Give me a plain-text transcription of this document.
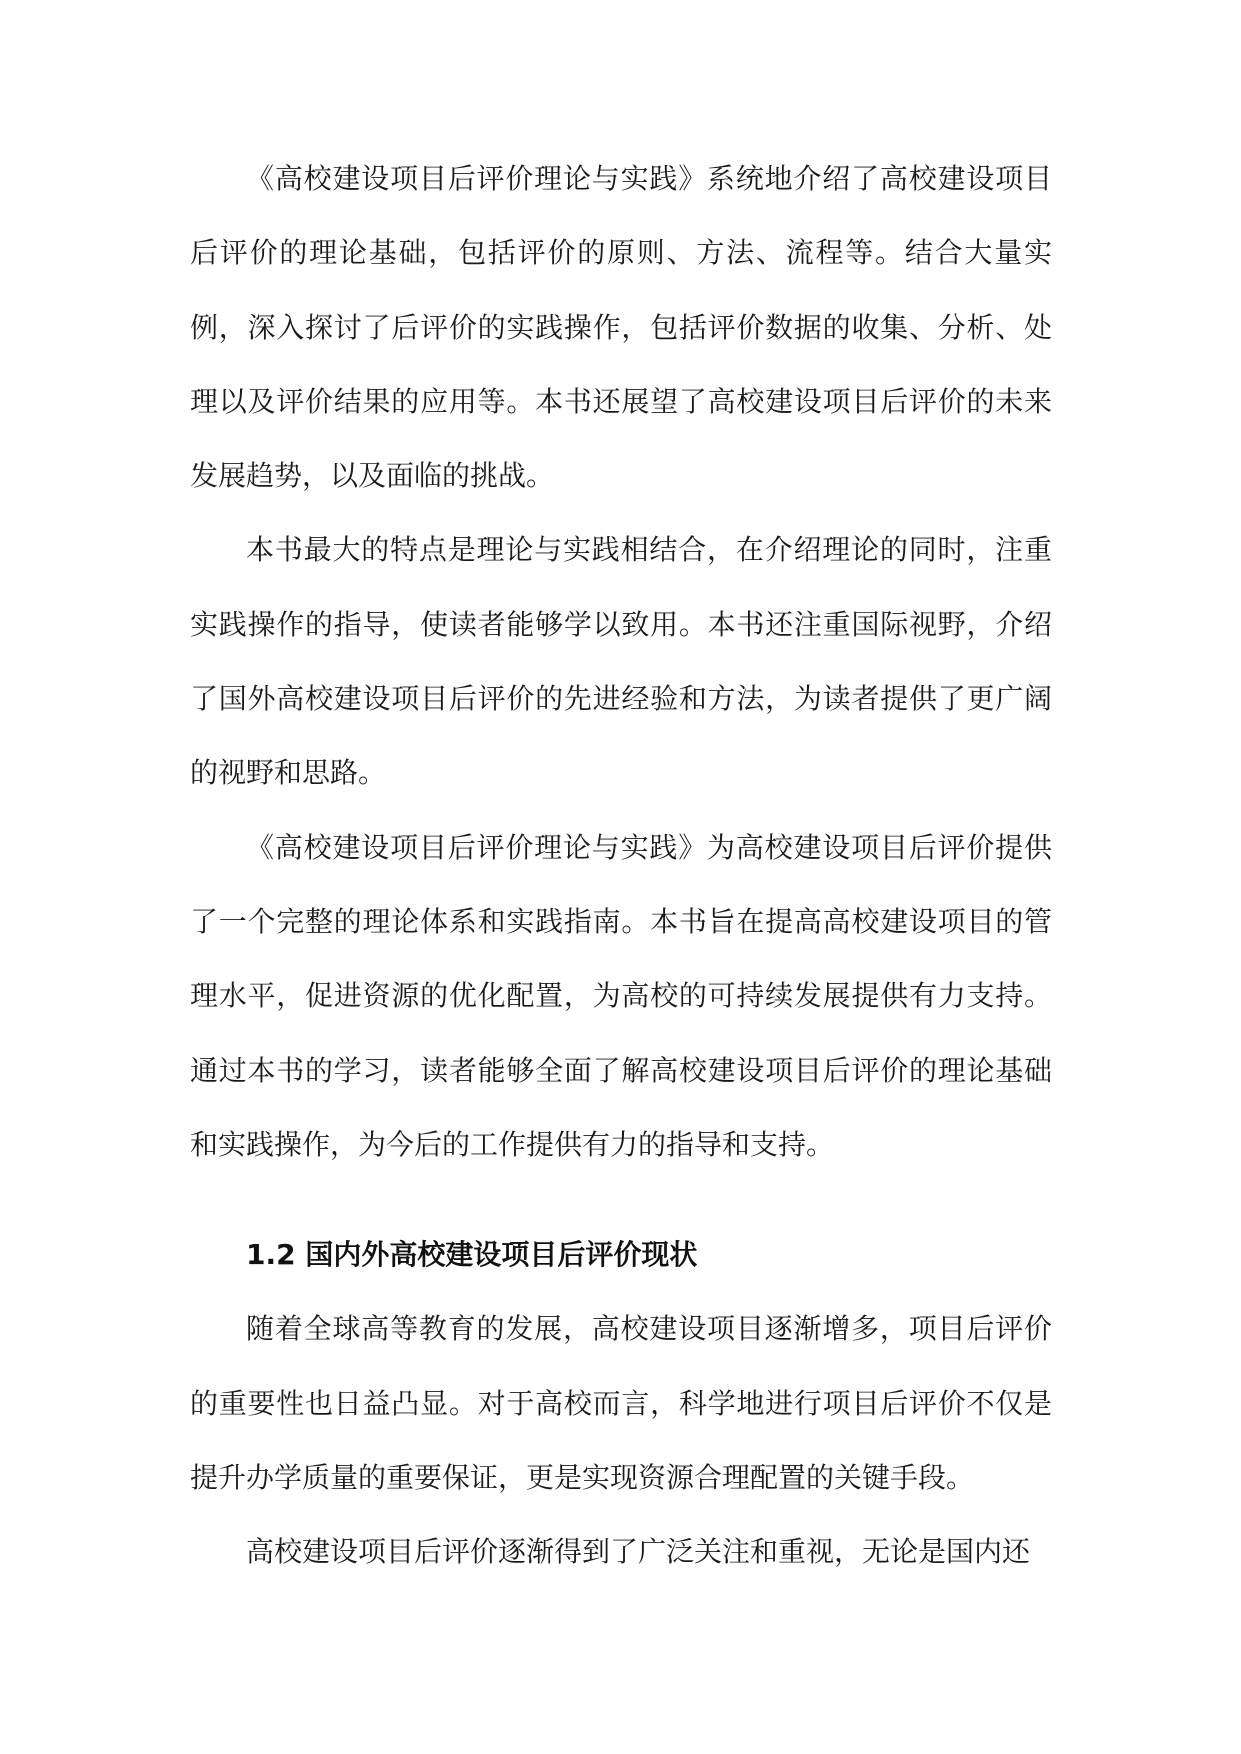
《高校建设项目后评价理论与实践》系统地介绍了高校建设项目后评价的理论基础，包括评价的原则、方法、流程等。结合大量实例，深入探讨了后评价的实践操作，包括评价数据的收集、分析、处理以及评价结果的应用等。本书还展望了高校建设项目后评价的未来发展趋势，以及面临的挑战。

本书最大的特点是理论与实践相结合，在介绍理论的同时，注重实践操作的指导，使读者能够学以致用。本书还注重国际视野，介绍了国外高校建设项目后评价的先进经验和方法，为读者提供了更广阔的视野和思路。

《高校建设项目后评价理论与实践》为高校建设项目后评价提供了一个完整的理论体系和实践指南。本书旨在提高高校建设项目的管理水平，促进资源的优化配置，为高校的可持续发展提供有力支持。通过本书的学习，读者能够全面了解高校建设项目后评价的理论基础和实践操作，为今后的工作提供有力的指导和支持。

1.2 国内外高校建设项目后评价现状

随着全球高等教育的发展，高校建设项目逐渐增多，项目后评价的重要性也日益凸显。对于高校而言，科学地进行项目后评价不仅是提升办学质量的重要保证，更是实现资源合理配置的关键手段。

高校建设项目后评价逐渐得到了广泛关注和重视，无论是国内还
